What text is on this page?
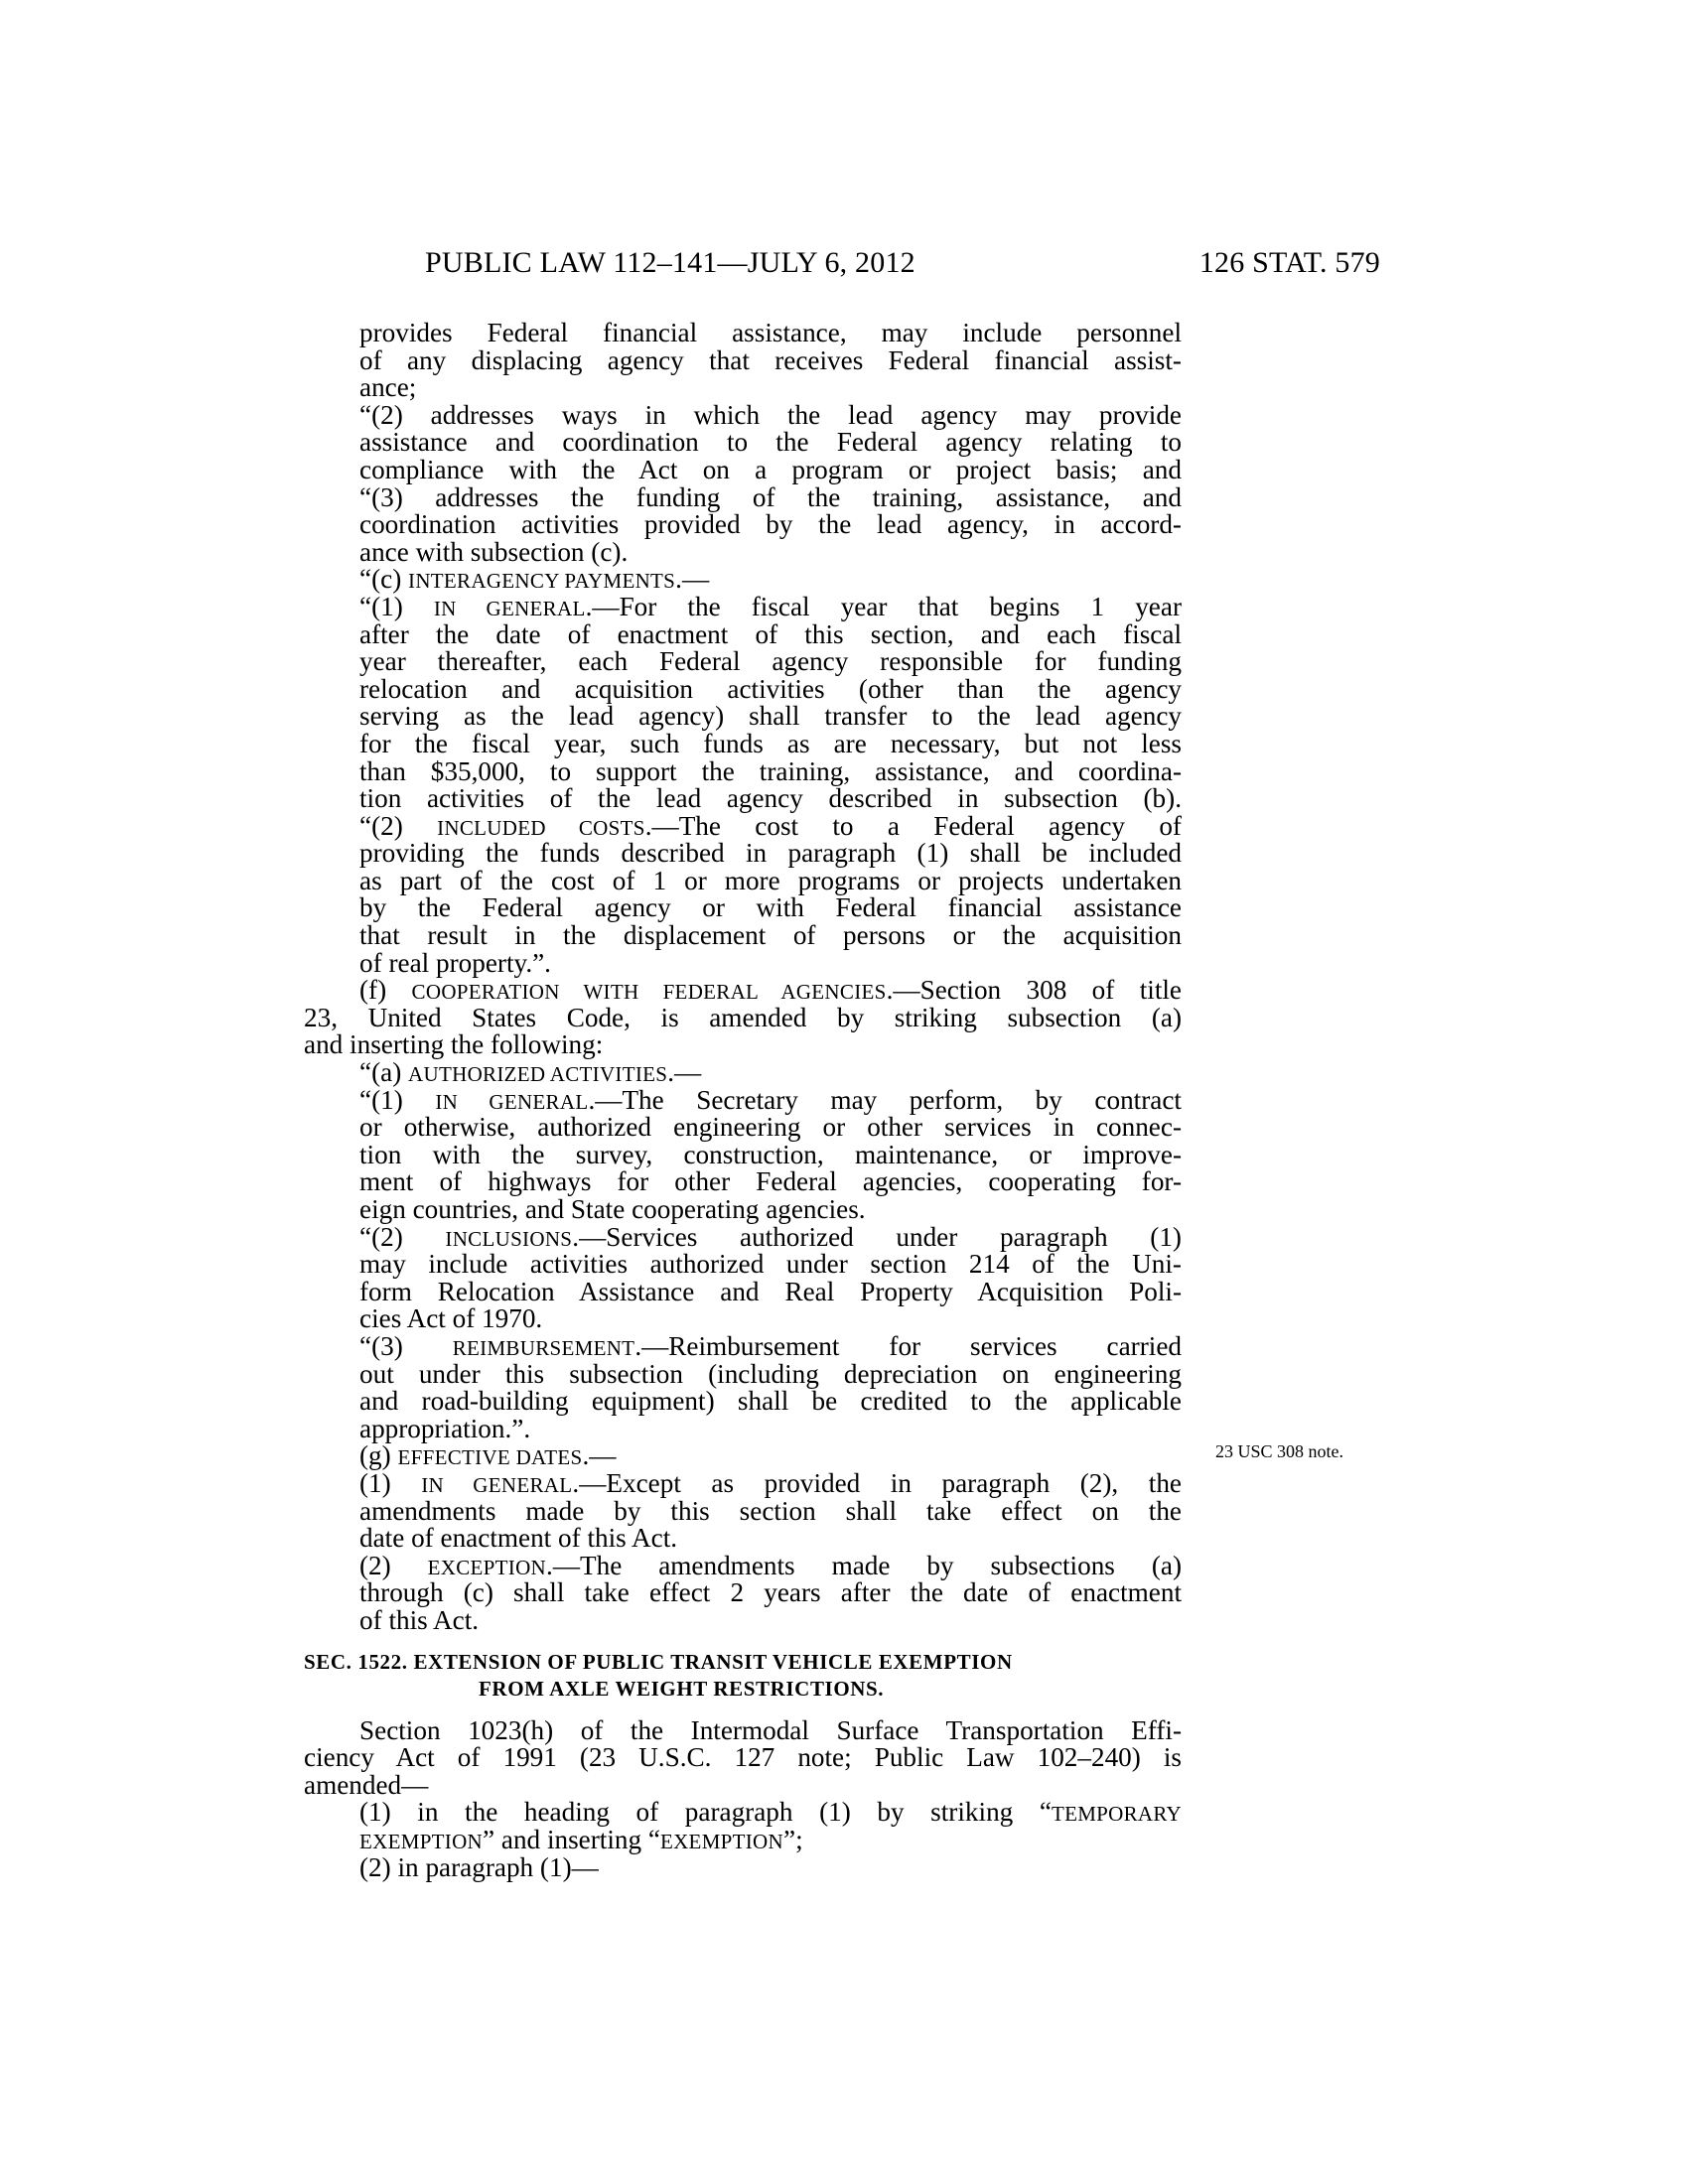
PUBLIC LAW 112–141—JULY 6, 2012	126 STAT. 579
23 USC 308 note.
provides Federal financial assistance, may include personnel
of any displacing agency that receives Federal financial assist-
ance;
“(2) addresses ways in which the lead agency may provide
assistance and coordination to the Federal agency relating to
compliance with the Act on a program or project basis; and
“(3) addresses the funding of the training, assistance, and
coordination activities provided by the lead agency, in accord-
ance with subsection (c).
“(c) INTERAGENCY PAYMENTS.—
“(1) IN GENERAL.—For the fiscal year that begins 1 year
after the date of enactment of this section, and each fiscal
year thereafter, each Federal agency responsible for funding
relocation and acquisition activities (other than the agency
serving as the lead agency) shall transfer to the lead agency
for the fiscal year, such funds as are necessary, but not less
than $35,000, to support the training, assistance, and coordina-
tion activities of the lead agency described in subsection (b).
“(2) INCLUDED COSTS.—The cost to a Federal agency of
providing the funds described in paragraph (1) shall be included
as part of the cost of 1 or more programs or projects undertaken
by the Federal agency or with Federal financial assistance
that result in the displacement of persons or the acquisition
of real property.”.
(f) COOPERATION WITH FEDERAL AGENCIES.—Section 308 of title
23, United States Code, is amended by striking subsection (a)
and inserting the following:
“(a) AUTHORIZED ACTIVITIES.—
“(1) IN GENERAL.—The Secretary may perform, by contract
or otherwise, authorized engineering or other services in connec-
tion with the survey, construction, maintenance, or improve-
ment of highways for other Federal agencies, cooperating for-
eign countries, and State cooperating agencies.
“(2) INCLUSIONS.—Services authorized under paragraph (1)
may include activities authorized under section 214 of the Uni-
form Relocation Assistance and Real Property Acquisition Poli-
cies Act of 1970.
“(3) REIMBURSEMENT.—Reimbursement for services carried
out under this subsection (including depreciation on engineering
and road-building equipment) shall be credited to the applicable
appropriation.”.
(g) EFFECTIVE DATES.—
(1) IN GENERAL.—Except as provided in paragraph (2), the
amendments made by this section shall take effect on the
date of enactment of this Act.
(2) EXCEPTION.—The amendments made by subsections (a)
through (c) shall take effect 2 years after the date of enactment
of this Act.
SEC. 1522. EXTENSION OF PUBLIC TRANSIT VEHICLE EXEMPTION
FROM AXLE WEIGHT RESTRICTIONS.
Section 1023(h) of the Intermodal Surface Transportation Effi-
ciency Act of 1991 (23 U.S.C. 127 note; Public Law 102–240) is
amended—
(1) in the heading of paragraph (1) by striking “TEMPORARY
EXEMPTION” and inserting “EXEMPTION”;
(2) in paragraph (1)—
